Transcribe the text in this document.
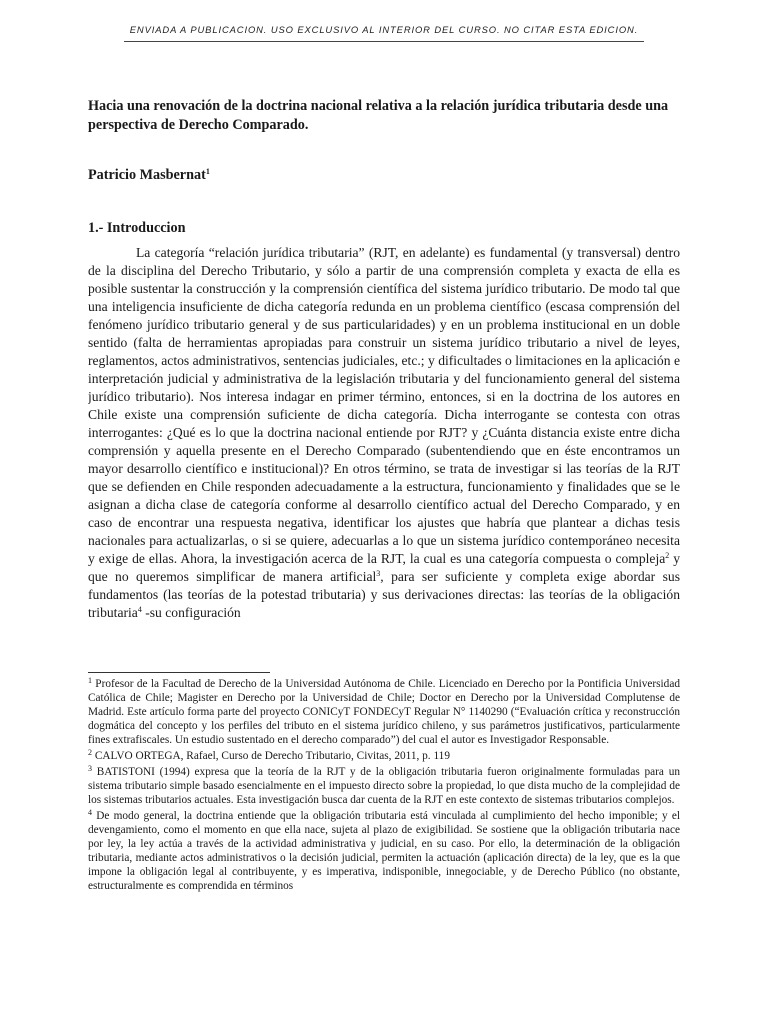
ENVIADA A PUBLICACION. USO EXCLUSIVO AL INTERIOR DEL CURSO. NO CITAR ESTA EDICION.
Hacia una renovación de la doctrina nacional relativa a la relación jurídica tributaria desde una perspectiva de Derecho Comparado.
Patricio Masbernat$^1$
1.- Introduccion

La categoría “relación jurídica tributaria” (RJT, en adelante) es fundamental (y transversal) dentro de la disciplina del Derecho Tributario, y sólo a partir de una comprensión completa y exacta de ella es posible sustentar la construcción y la comprensión científica del sistema jurídico tributario. De modo tal que una inteligencia insuficiente de dicha categoría redunda en un problema científico (escasa comprensión del fenómeno jurídico tributario general y de sus particularidades) y en un problema institucional en un doble sentido (falta de herramientas apropiadas para construir un sistema jurídico tributario a nivel de leyes, reglamentos, actos administrativos, sentencias judiciales, etc.; y dificultades o limitaciones en la aplicación e interpretación judicial y administrativa de la legislación tributaria y del funcionamiento general del sistema jurídico tributario). Nos interesa indagar en primer término, entonces, si en la doctrina de los autores en Chile existe una comprensión suficiente de dicha categoría. Dicha interrogante se contesta con otras interrogantes: ¿Qué es lo que la doctrina nacional entiende por RJT? y ¿Cuánta distancia existe entre dicha comprensión y aquella presente en el Derecho Comparado (subentendiendo que en éste encontramos un mayor desarrollo científico e institucional)? En otros término, se trata de investigar si las teorías de la RJT que se defienden en Chile responden adecuadamente a la estructura, funcionamiento y finalidades que se le asignan a dicha clase de categoría conforme al desarrollo científico actual del Derecho Comparado, y en caso de encontrar una respuesta negativa, identificar los ajustes que habría que plantear a dichas tesis nacionales para actualizarlas, o si se quiere, adecuarlas a lo que un sistema jurídico contemporáneo necesita y exige de ellas. Ahora, la investigación acerca de la RJT, la cual es una categoría compuesta o compleja$^2$ y que no queremos simplificar de manera artificial$^3$, para ser suficiente y completa exige abordar sus fundamentos (las teorías de la potestad tributaria) y sus derivaciones directas: las teorías de la obligación tributaria$^4$ -su configuración

$^1$ Profesor de la Facultad de Derecho de la Universidad Autónoma de Chile. Licenciado en Derecho por la Pontificia Universidad Católica de Chile; Magister en Derecho por la Universidad de Chile; Doctor en Derecho por la Universidad Complutense de Madrid. Este artículo forma parte del proyecto CONICyT FONDECyT Regular N° 1140290 (“Evaluación crítica y reconstrucción dogmática del concepto y los perfiles del tributo en el sistema jurídico chileno, y sus parámetros justificativos, particularmente fines extrafiscales. Un estudio sustentado en el derecho comparado”) del cual el autor es Investigador Responsable.

$^2$ CALVO ORTEGA, Rafael, Curso de Derecho Tributario, Civitas, 2011, p. 119

$^3$ BATISTONI (1994) expresa que la teoría de la RJT y de la obligación tributaria fueron originalmente formuladas para un sistema tributario simple basado esencialmente en el impuesto directo sobre la propiedad, lo que dista mucho de la complejidad de los sistemas tributarios actuales. Esta investigación busca dar cuenta de la RJT en este contexto de sistemas tributarios complejos.

$^4$ De modo general, la doctrina entiende que la obligación tributaria está vinculada al cumplimiento del hecho imponible; y el devengamiento, como el momento en que ella nace, sujeta al plazo de exigibilidad. Se sostiene que la obligación tributaria nace por ley, la ley actúa a través de la actividad administrativa y judicial, en su caso. Por ello, la determinación de la obligación tributaria, mediante actos administrativos o la decisión judicial, permiten la actuación (aplicación directa) de la ley, que es la que impone la obligación legal al contribuyente, y es imperativa, indisponible, innegociable, y de Derecho Público (no obstante, estructuralmente es comprendida en términos
